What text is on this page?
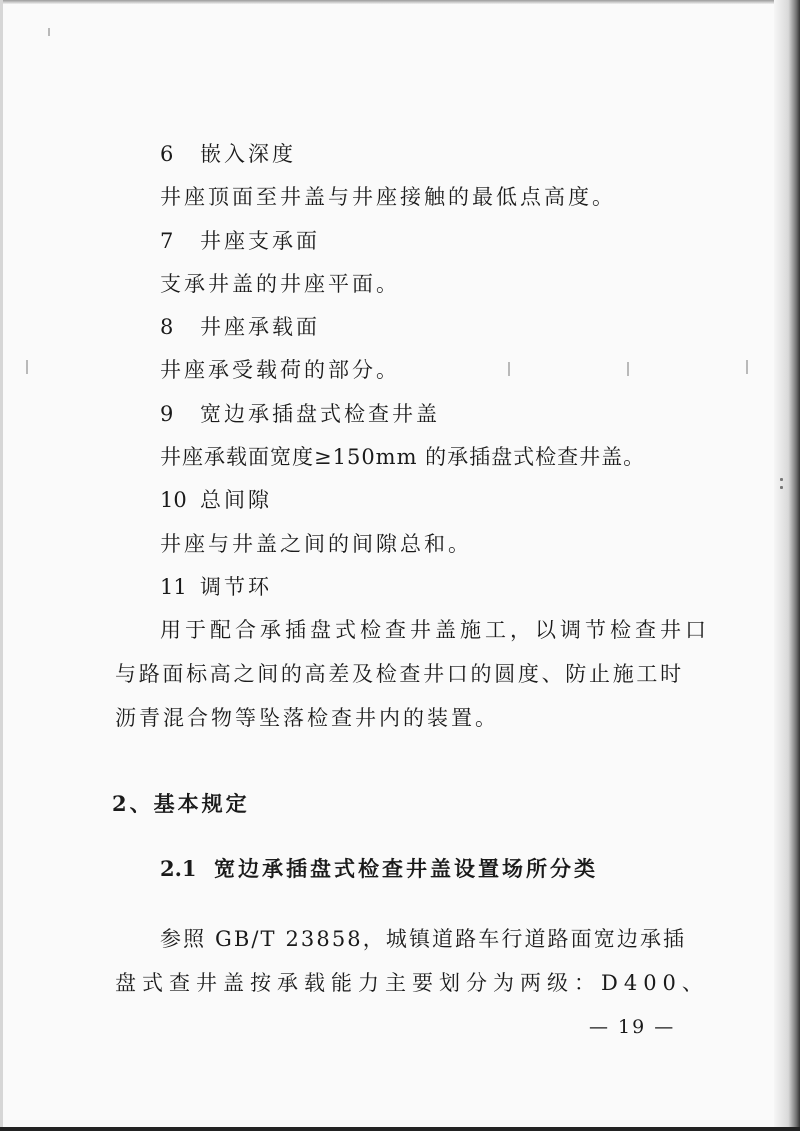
6 嵌入深度
井座顶面至井盖与井座接触的最低点高度。
7 井座支承面
支承井盖的井座平面。
8 井座承载面
井座承受载荷的部分。
9 宽边承插盘式检查井盖
井座承载面宽度≥150mm 的承插盘式检查井盖。
10 总间隙
井座与井盖之间的间隙总和。
11 调节环
用于配合承插盘式检查井盖施工，以调节检查井口
与路面标高之间的高差及检查井口的圆度、防止施工时
沥青混合物等坠落检查井内的装置。
2、基本规定
2.1 宽边承插盘式检查井盖设置场所分类
参照 GB/T 23858，城镇道路车行道路面宽边承插
盘式查井盖按承载能力主要划分为两级：D400、
— 19 —
